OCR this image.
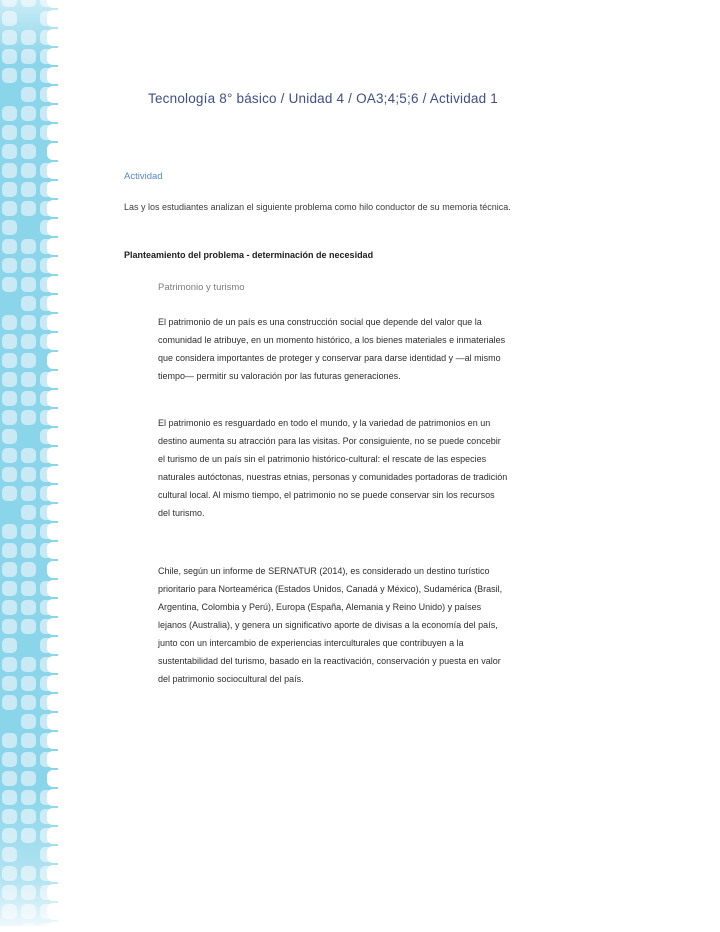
Tecnología 8° básico / Unidad 4 / OA3;4;5;6 / Actividad 1
Actividad
Las y los estudiantes analizan el siguiente problema como hilo conductor de su memoria técnica.
Planteamiento del problema - determinación de necesidad
Patrimonio y turismo
El patrimonio de un país es una construcción social que depende del valor que la comunidad le atribuye, en un momento histórico, a los bienes materiales e inmateriales que considera importantes de proteger y conservar para darse identidad y —al mismo tiempo— permitir su valoración por las futuras generaciones.
El patrimonio es resguardado en todo el mundo, y la variedad de patrimonios en un destino aumenta su atracción para las visitas. Por consiguiente, no se puede concebir el turismo de un país sin el patrimonio histórico-cultural: el rescate de las especies naturales autóctonas, nuestras etnias, personas y comunidades portadoras de tradición cultural local. Al mismo tiempo, el patrimonio no se puede conservar sin los recursos del turismo.
Chile, según un informe de SERNATUR (2014), es considerado un destino turístico prioritario para Norteamérica (Estados Unidos, Canadá y México), Sudamérica (Brasil, Argentina, Colombia y Perú), Europa (España, Alemania y Reino Unido) y países lejanos (Australia), y genera un significativo aporte de divisas a la economía del país, junto con un intercambio de experiencias interculturales que contribuyen a la sustentabilidad del turismo, basado en la reactivación, conservación y puesta en valor del patrimonio sociocultural del país.
